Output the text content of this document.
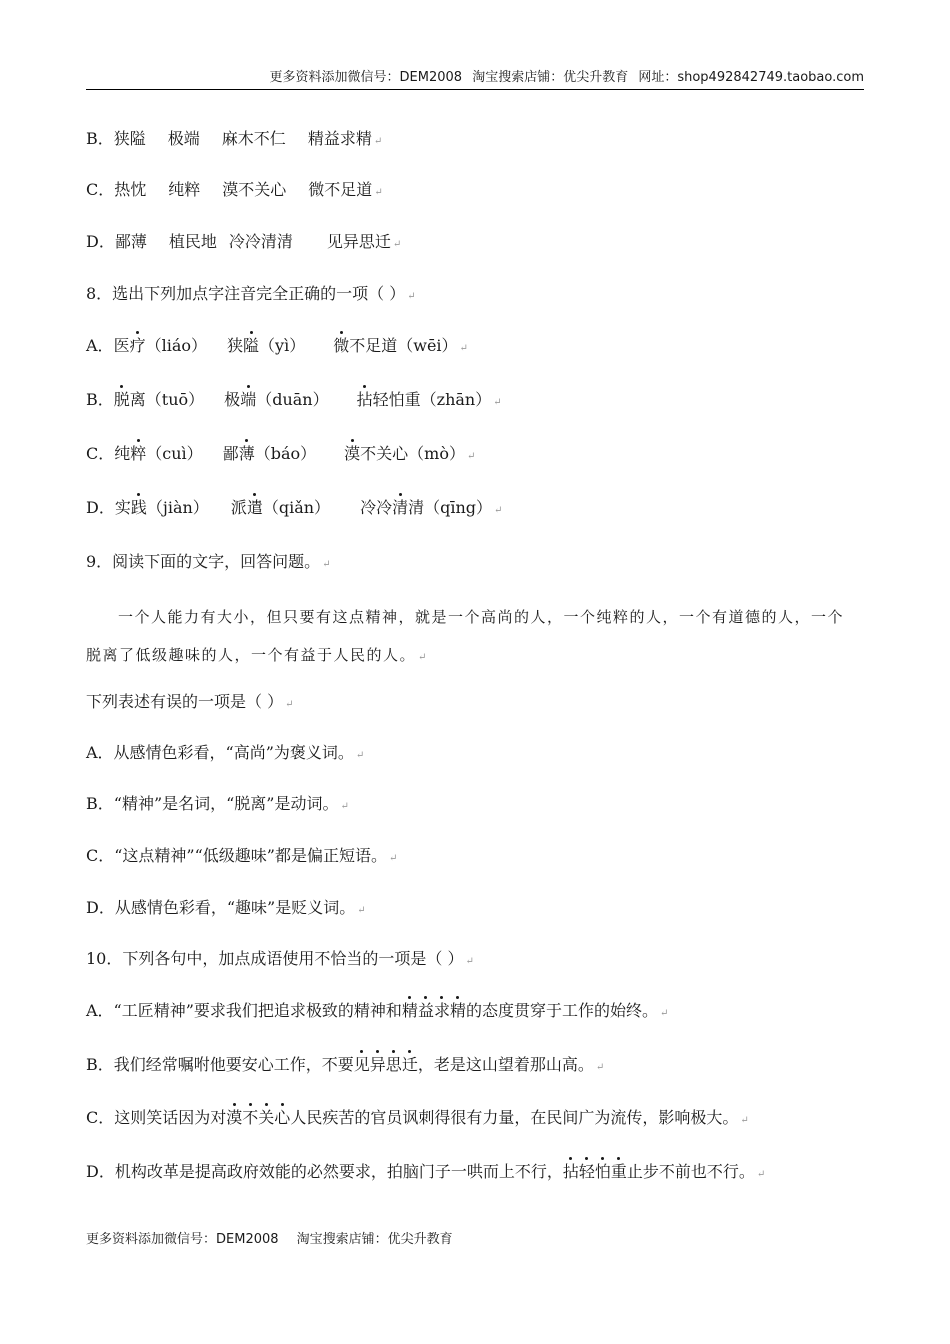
更多资料添加微信号：DEM2008 淘宝搜索店铺：优尖升教育 网址：shop492842749.taobao.com
B．狭隘 极端 麻木不仁 精益求精 ↵
C．热忱 纯粹 漠不关心 微不足道 ↵
D．鄙薄 植民地 冷冷清清 见异思迁 ↵
8．选出下列加点字注音完全正确的一项（ ） ↵
A．医疗（liáo） 狭隘（yì） 微不足道（wēi） ↵
B．脱离（tuō） 极端（duān） 拈轻怕重（zhān） ↵
C．纯粹（cuì） 鄙薄（báo） 漠不关心（mò） ↵
D．实践（jiàn） 派遣（qiǎn） 冷冷清清（qīng） ↵
9．阅读下面的文字，回答问题。 ↵
一个人能力有大小，但只要有这点精神，就是一个高尚的人，一个纯粹的人，一个有道德的人，一个脱离了低级趣味的人，一个有益于人民的人。 ↵
下列表述有误的一项是（ ） ↵
A．从感情色彩看，“高尚”为褒义词。 ↵
B．“精神”是名词，“脱离”是动词。 ↵
C．“这点精神”“低级趣味”都是偏正短语。 ↵
D．从感情色彩看，“趣味”是贬义词。 ↵
10．下列各句中，加点成语使用不恰当的一项是（ ） ↵
A．“工匠精神”要求我们把追求极致的精神和精益求精的态度贯穿于工作的始终。 ↵
B．我们经常嘱咐他要安心工作，不要见异思迁，老是这山望着那山高。 ↵
C．这则笑话因为对漠不关心人民疾苦的官员讽刺得很有力量，在民间广为流传，影响极大。 ↵
D．机构改革是提高政府效能的必然要求，拍脑门子一哄而上不行，拈轻怕重止步不前也不行。 ↵
更多资料添加微信号：DEM2008 淘宝搜索店铺：优尖升教育
